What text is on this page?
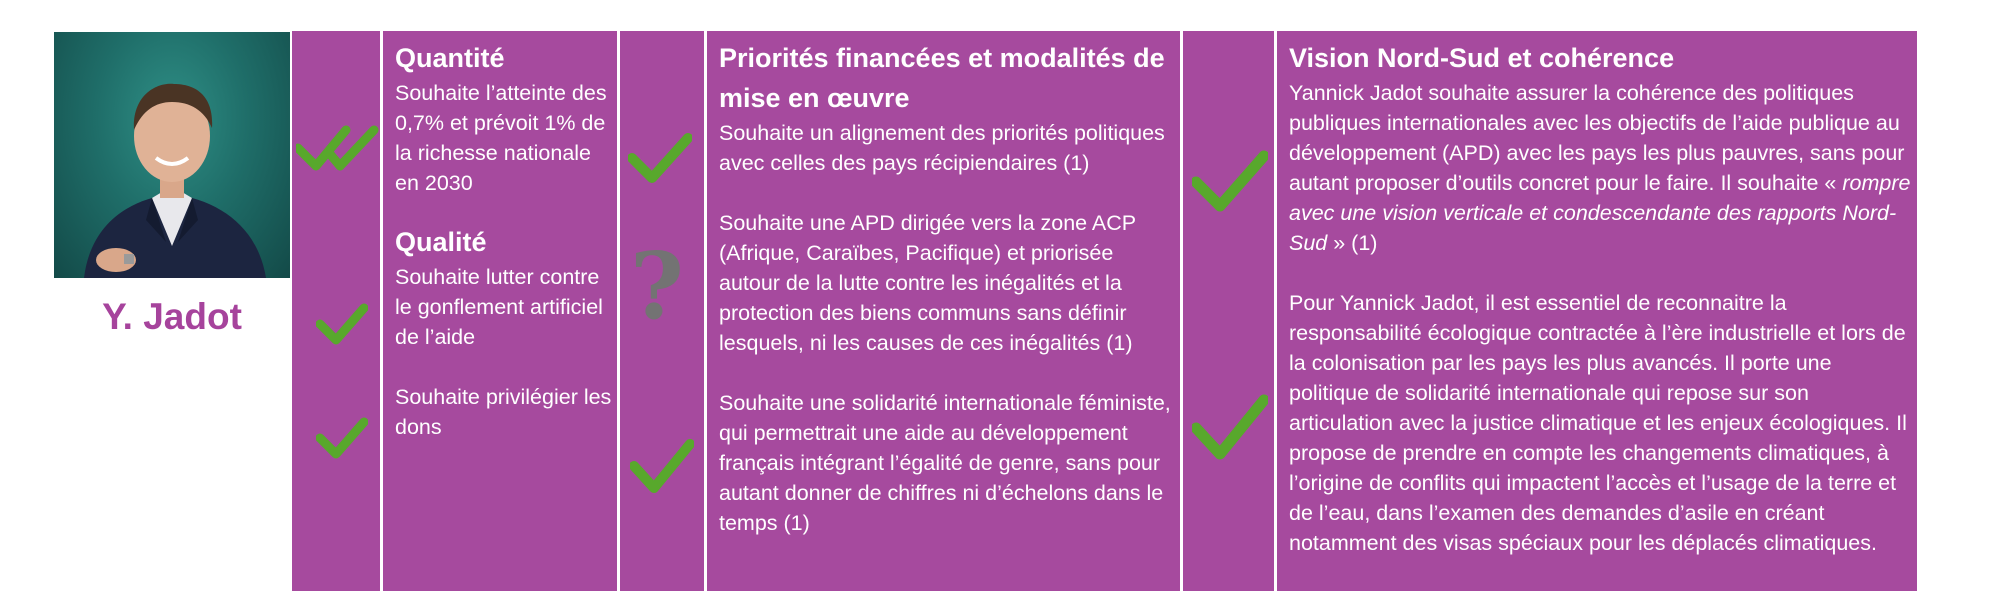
Y. Jadot	?
Quantité

Souhaite l’atteinte des 0,7% et prévoit 1% de la richesse nationale en 2030

Qualité

Souhaite lutter contre le gonflement artificiel de l’aide

Souhaite privilégier les dons

Priorités financées et modalités de mise en œuvre

Souhaite un alignement des priorités politiques avec celles des pays récipiendaires (1)

Souhaite une APD dirigée vers la zone ACP (Afrique, Caraïbes, Pacifique) et priorisée autour de la lutte contre les inégalités et la protection des biens communs sans définir lesquels, ni les causes de ces inégalités (1)

Souhaite une solidarité internationale féministe, qui permettrait une aide au développement français intégrant l’égalité de genre, sans pour autant donner de chiffres ni d’échelons dans le temps (1)

Vision Nord-Sud et cohérence

Yannick Jadot souhaite assurer la cohérence des politiques publiques internationales avec les objectifs de l’aide publique au développement (APD) avec les pays les plus pauvres, sans pour autant proposer d’outils concret pour le faire. Il souhaite « rompre avec une vision verticale et condescendante des rapports Nord-Sud » (1)

Pour Yannick Jadot, il est essentiel de reconnaitre la responsabilité écologique contractée à l’ère industrielle et lors de la colonisation par les pays les plus avancés. Il porte une politique de solidarité internationale qui repose sur son articulation avec la justice climatique et les enjeux écologiques. Il propose de prendre en compte les changements climatiques, à l’origine de conflits qui impactent l’accès et l’usage de la terre et de l’eau, dans l’examen des demandes d’asile en créant notamment des visas spéciaux pour les déplacés climatiques.
